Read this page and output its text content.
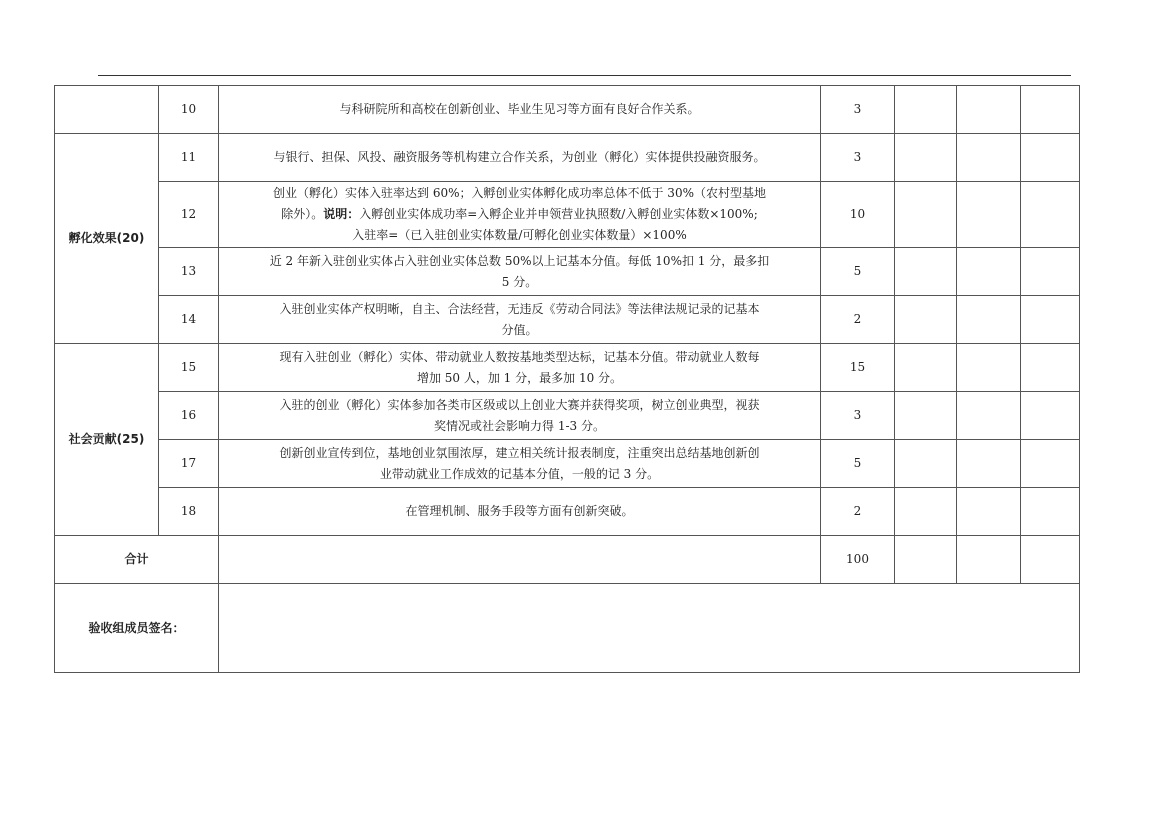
	10	与科研院所和高校在创新创业、毕业生见习等方面有良好合作关系。	3			
孵化效果(20)	11	与银行、担保、风投、融资服务等机构建立合作关系，为创业（孵化）实体提供投融资服务。	3			
	12	创业（孵化）实体入驻率达到 60%；入孵创业实体孵化成功率总体不低于 30%（农村型基地
除外）。说明：入孵创业实体成功率=入孵企业并申领营业执照数/入孵创业实体数×100%;
入驻率=（已入驻创业实体数量/可孵化创业实体数量）×100%	10			
	13	近 2 年新入驻创业实体占入驻创业实体总数 50%以上记基本分值。每低 10%扣 1 分，最多扣
5 分。	5			
	14	入驻创业实体产权明晰，自主、合法经营，无违反《劳动合同法》等法律法规记录的记基本
分值。	2			
社会贡献(25)	15	现有入驻创业（孵化）实体、带动就业人数按基地类型达标，记基本分值。带动就业人数每
增加 50 人，加 1 分，最多加 10 分。	15			
	16	入驻的创业（孵化）实体参加各类市区级或以上创业大赛并获得奖项，树立创业典型，视获
奖情况或社会影响力得 1-3 分。	3			
	17	创新创业宣传到位，基地创业氛围浓厚，建立相关统计报表制度，注重突出总结基地创新创
业带动就业工作成效的记基本分值，一般的记 3 分。	5			
	18	在管理机制、服务手段等方面有创新突破。	2			
合计			100			
验收组成员签名：						
